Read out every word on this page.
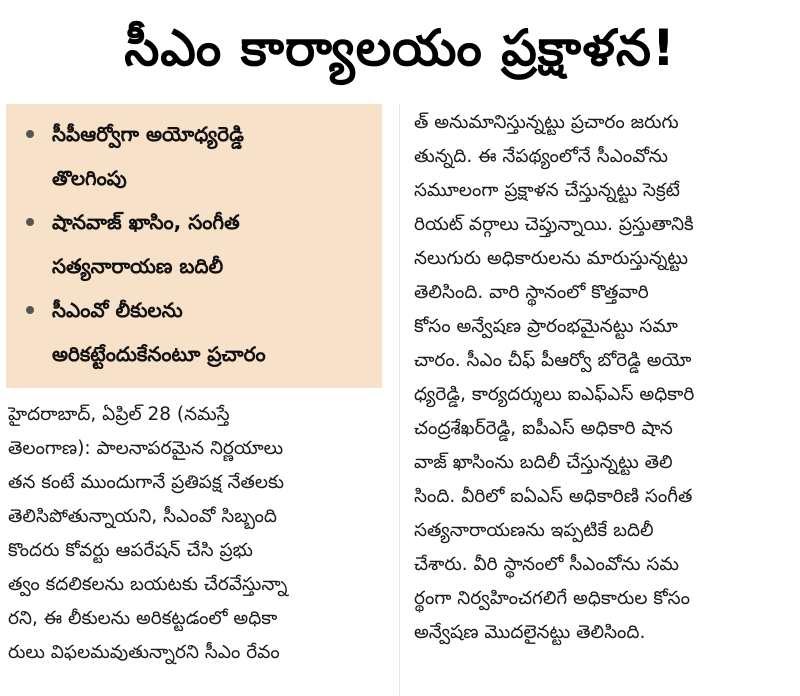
సీఎం కార్యాలయం ప్రక్షాళన!
సీపీఆర్వోగా అయోధ్యరెడ్డి
తొలగింపు
షానవాజ్ ఖాసిం, సంగీత
సత్యనారాయణ బదిలీ
సీఎంవో లీకులను
అరికట్టేందుకేనంటూ ప్రచారం
హైదరాబాద్, ఏప్రిల్ 28 (నమస్తే
తెలంగాణ): పాలనాపరమైన నిర్ణయాలు
తన కంటే ముందుగానే ప్రతిపక్ష నేతలకు
తెలిసిపోతున్నాయని, సీఎంవో సిబ్బంది
కొందరు కోవర్టు ఆపరేషన్ చేసి ప్రభు
త్వం కదలికలను బయటకు చేరవేస్తున్నా
రని, ఈ లీకులను అరికట్టడంలో అధికా
రులు విఫలమవుతున్నారని సీఎం రేవం
త్ అనుమానిస్తున్నట్టు ప్రచారం జరుగు
తున్నది. ఈ నేపథ్యంలోనే సీఎంవోను
సమూలంగా ప్రక్షాళన చేస్తున్నట్టు సెక్రటే
రియట్ వర్గాలు చెప్తున్నాయి. ప్రస్తుతానికి
నలుగురు అధికారులను మారుస్తున్నట్టు
తెలిసింది. వారి స్థానంలో కొత్తవారి
కోసం అన్వేషణ ప్రారంభమైనట్టు సమా
చారం. సీఎం చీఫ్ పీఆర్వో బోరెడ్డి అయో
ధ్యరెడ్డి, కార్యదర్శులు ఐఎఫ్ఎస్ అధికారి
చంద్రశేఖర్‌రెడ్డి, ఐపీఎస్ అధికారి షాన
వాజ్ ఖాసింను బదిలీ చేస్తున్నట్టు తెలి
సింది. వీరిలో ఐఏఎస్ అధికారిణి సంగీత
సత్యనారాయణను ఇప్పటికే బదిలీ
చేశారు. వీరి స్థానంలో సీఎంవోను సమ
ర్థంగా నిర్వహించగలిగే అధికారుల కోసం
అన్వేషణ మొదలైనట్టు తెలిసింది.
